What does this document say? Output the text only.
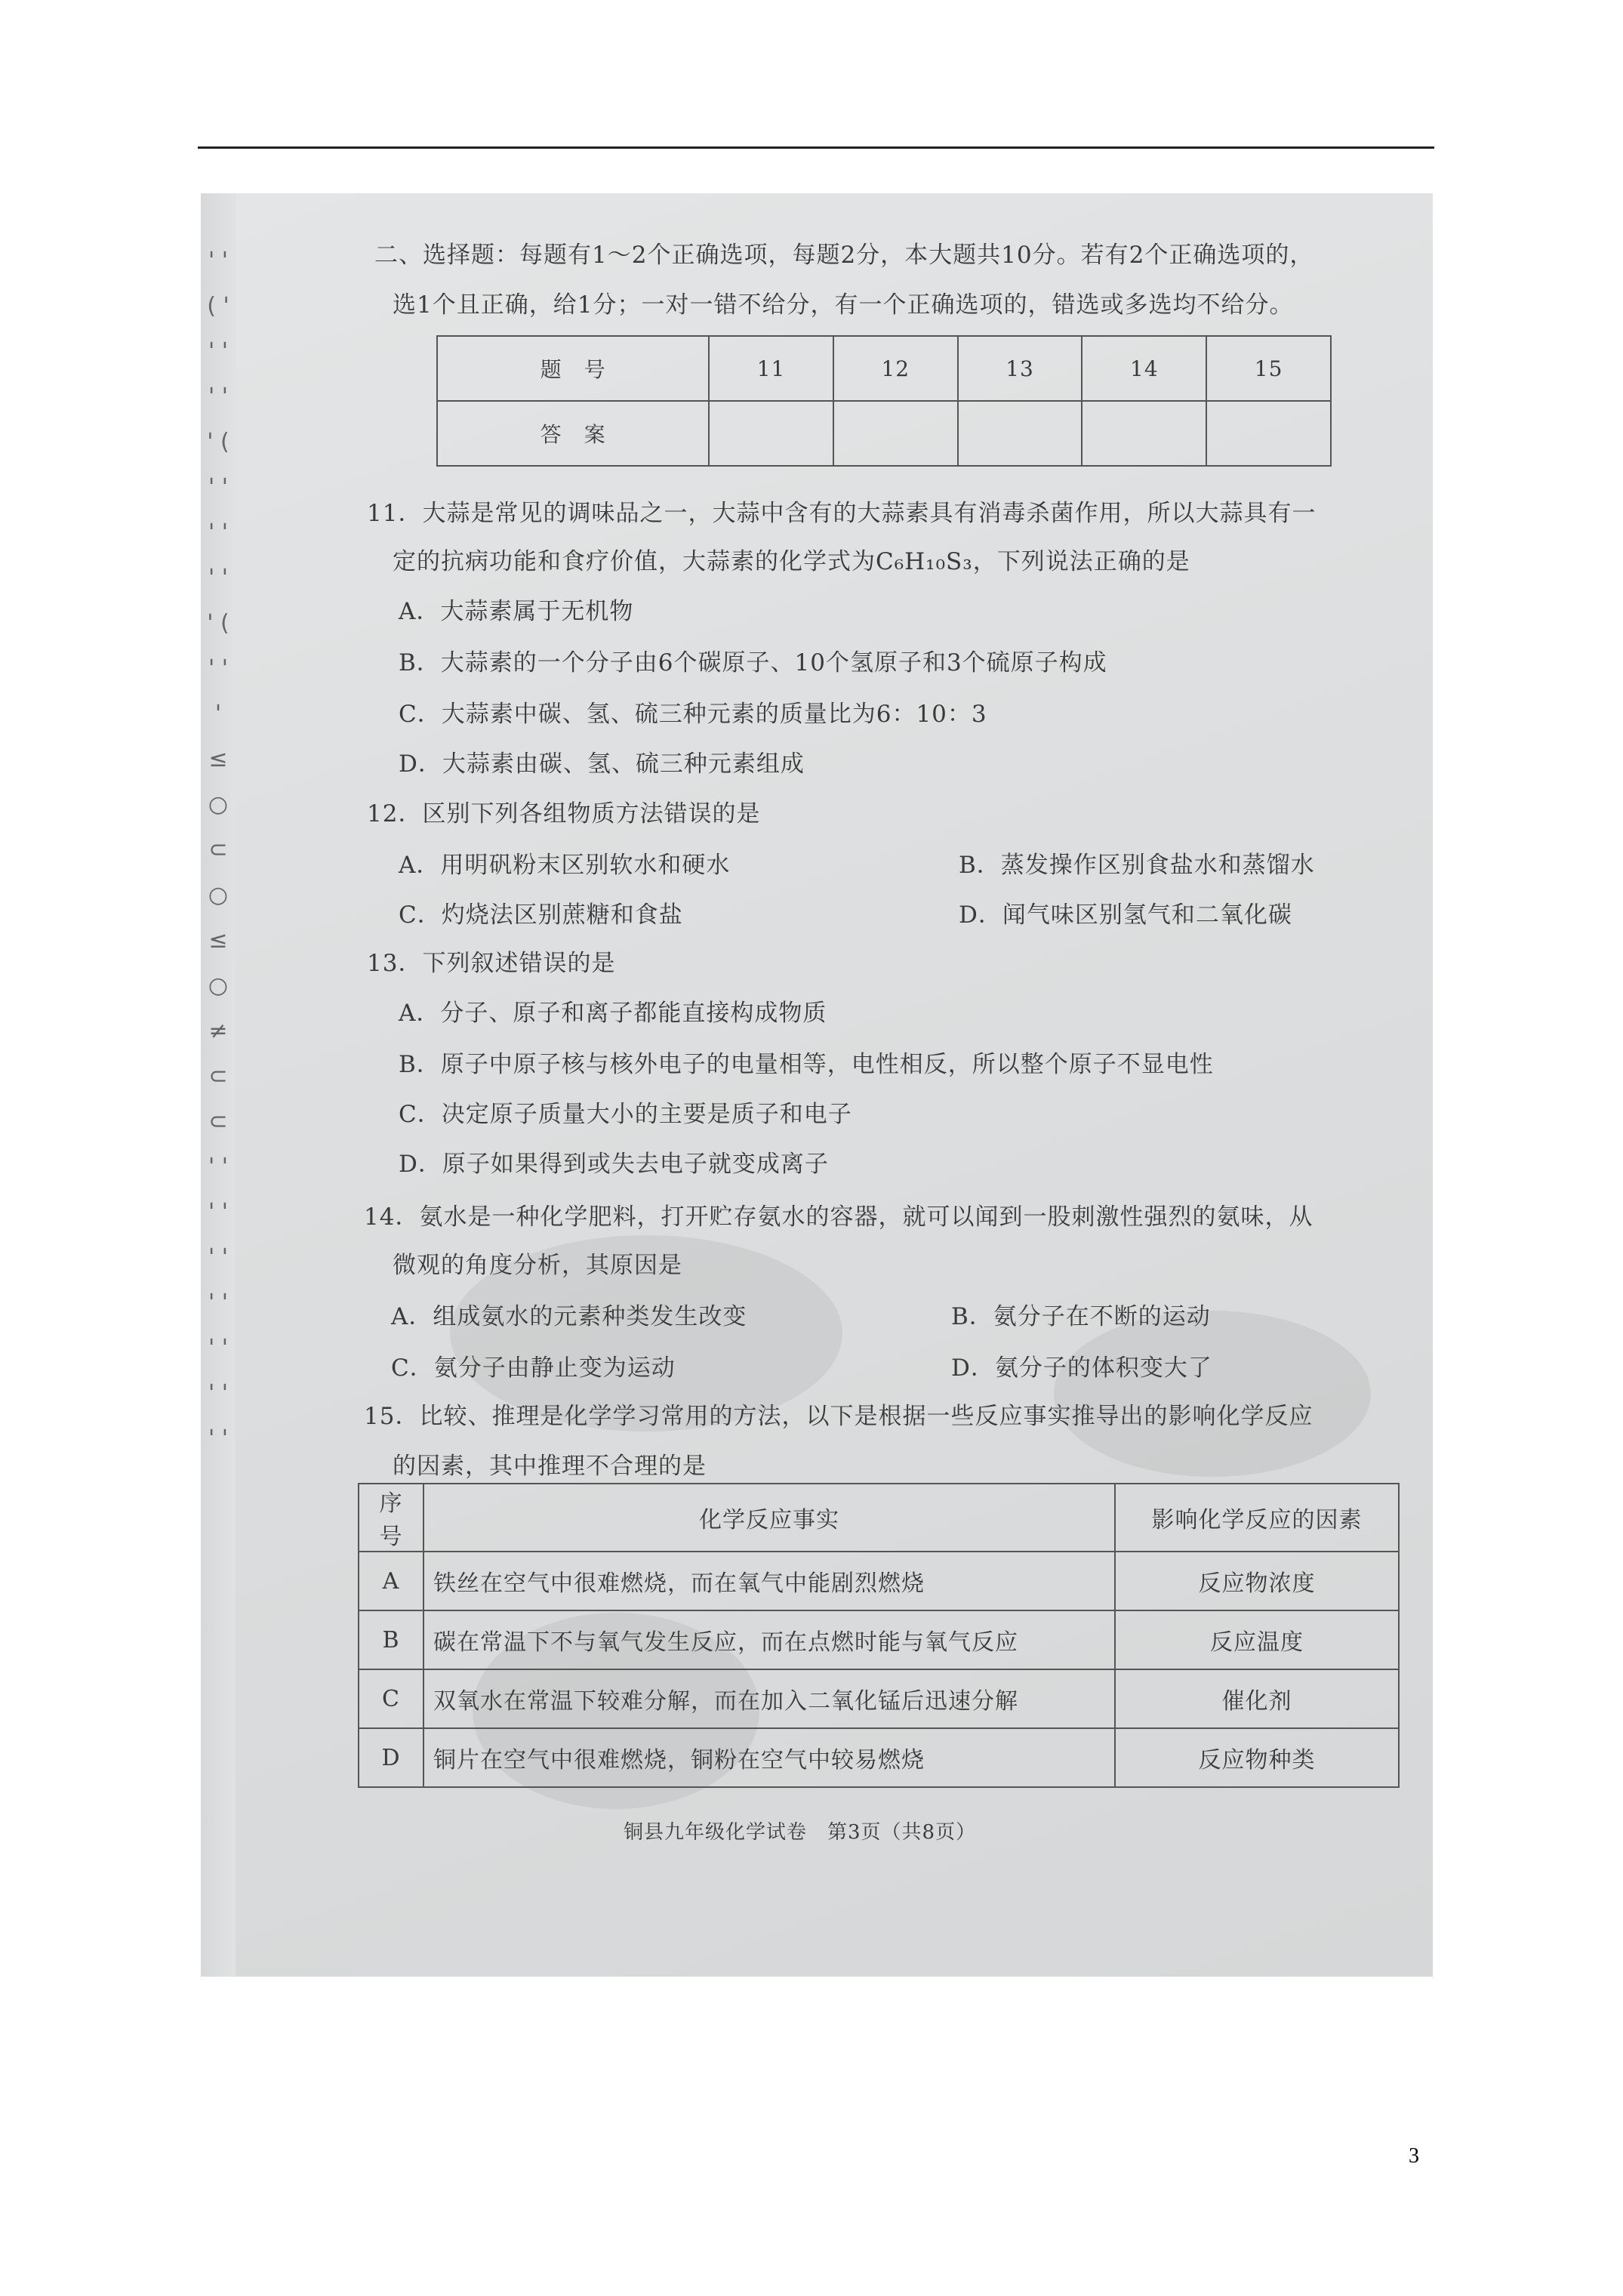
' ' ( ' ' ' ' ' ' ( ' ' ' ' ' ' ' ( ' ' ' ≤ ○ ⊂ ○ ≤ ○ ≠ ⊂ ⊂ ' ' ' ' ' ' ' ' ' ' ' ' ' '
二、选择题：每题有1～2个正确选项，每题2分，本大题共10分。若有2个正确选项的，
选1个且正确，给1分；一对一错不给分，有一个正确选项的，错选或多选均不给分。
题　号	11	12	13	14	15
答　案					
11．大蒜是常见的调味品之一，大蒜中含有的大蒜素具有消毒杀菌作用，所以大蒜具有一
定的抗病功能和食疗价值，大蒜素的化学式为C₆H₁₀S₃，下列说法正确的是
A．大蒜素属于无机物
B．大蒜素的一个分子由6个碳原子、10个氢原子和3个硫原子构成
C．大蒜素中碳、氢、硫三种元素的质量比为6：10：3
D．大蒜素由碳、氢、硫三种元素组成
12．区别下列各组物质方法错误的是
A．用明矾粉末区别软水和硬水	B．蒸发操作区别食盐水和蒸馏水
C．灼烧法区别蔗糖和食盐	D．闻气味区别氢气和二氧化碳
13．下列叙述错误的是
A．分子、原子和离子都能直接构成物质
B．原子中原子核与核外电子的电量相等，电性相反，所以整个原子不显电性
C．决定原子质量大小的主要是质子和电子
D．原子如果得到或失去电子就变成离子
14．氨水是一种化学肥料，打开贮存氨水的容器，就可以闻到一股刺激性强烈的氨味，从
微观的角度分析，其原因是
A．组成氨水的元素种类发生改变	B．氨分子在不断的运动
C．氨分子由静止变为运动	D．氨分子的体积变大了
15．比较、推理是化学学习常用的方法，以下是根据一些反应事实推导出的影响化学反应
的因素，其中推理不合理的是
序号	化学反应事实	影响化学反应的因素
A	铁丝在空气中很难燃烧，而在氧气中能剧烈燃烧	反应物浓度
B	碳在常温下不与氧气发生反应，而在点燃时能与氧气反应	反应温度
C	双氧水在常温下较难分解，而在加入二氧化锰后迅速分解	催化剂
D	铜片在空气中很难燃烧，铜粉在空气中较易燃烧	反应物种类
铜县九年级化学试卷　第3页（共8页）
3
